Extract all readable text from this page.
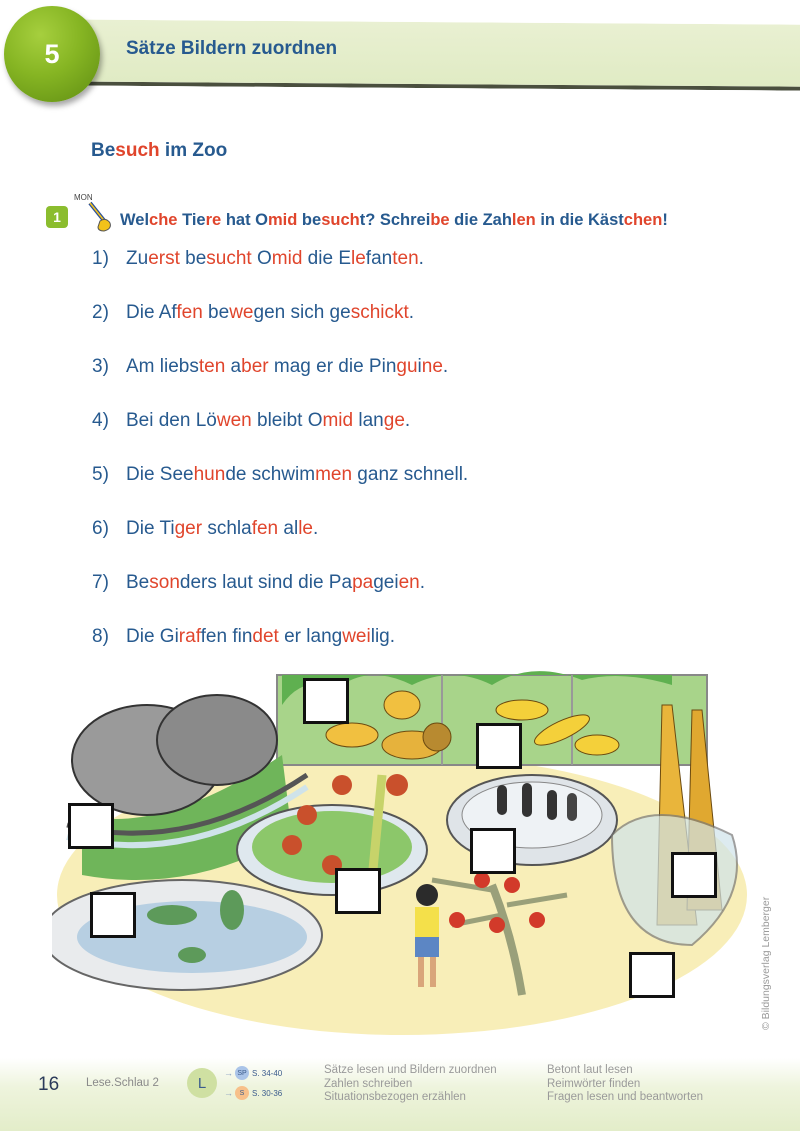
5	Sätze Bildern zuordnen
Besuch im Zoo
1
MON
Welche Tiere hat Omid besucht? Schreibe die Zahlen in die Kästchen!
1) Zuerst besucht Omid die Elefanten.
2) Die Affen bewegen sich geschickt.
3) Am liebsten aber mag er die Pinguine.
4) Bei den Löwen bleibt Omid lange.
5) Die Seehunde schwimmen ganz schnell.
6) Die Tiger schlafen alle.
7) Besonders laut sind die Papageien.
8) Die Giraffen findet er langweilig.
© Bildungsverlag Lemberger
16 Lese.Schlau 2	L
→ SP S. 34-40
→ S S. 30-36
Sätze lesen und Bildern zuordnen
Zahlen schreiben
Situationsbezogen erzählen
Betont laut lesen
Reimwörter finden
Fragen lesen und beantworten
